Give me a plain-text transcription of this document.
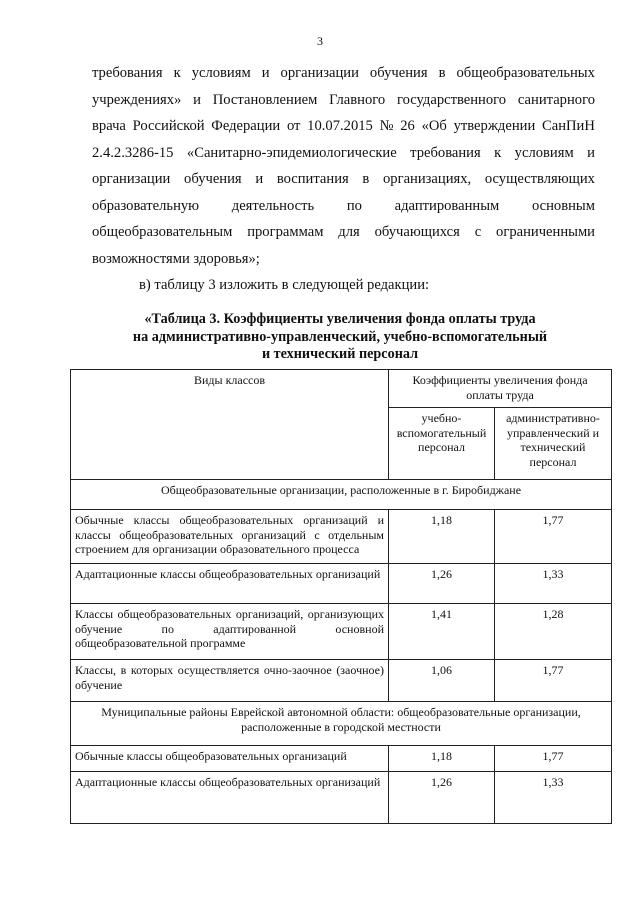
3
требования к условиям и организации обучения в общеобразовательных
учреждениях» и Постановлением Главного государственного санитарного
врача Российской Федерации от 10.07.2015 № 26 «Об утверждении СанПиН
2.4.2.3286-15 «Санитарно-эпидемиологические требования к условиям и
организации обучения и воспитания в организациях, осуществляющих
образовательную деятельность по адаптированным основным
общеобразовательным программам для обучающихся с ограниченными
возможностями здоровья»;
в) таблицу 3 изложить в следующей редакции:
«Таблица 3. Коэффициенты увеличения фонда оплаты труда
на административно-управленческий, учебно-вспомогательный
и технический персонал
Виды классов	Коэффициенты увеличения фонда оплаты труда	
	учебно-вспомогательный персонал	административно-управленческий и технический персонал
Общеобразовательные организации, расположенные в г. Биробиджане		
Обычные классы общеобразовательных организаций и классы общеобразовательных организаций с отдельным строением для организации образовательного процесса	1,18	1,77
Адаптационные классы общеобразовательных организаций	1,26	1,33
Классы общеобразовательных организаций, организующих обучение по адаптированной основной общеобразовательной программе	1,41	1,28
Классы, в которых осуществляется очно-заочное (заочное) обучение	1,06	1,77
Муниципальные районы Еврейской автономной области: общеобразовательные организации, расположенные в городской местности		
Обычные классы общеобразовательных организаций	1,18	1,77
Адаптационные классы общеобразовательных организаций	1,26	1,33
